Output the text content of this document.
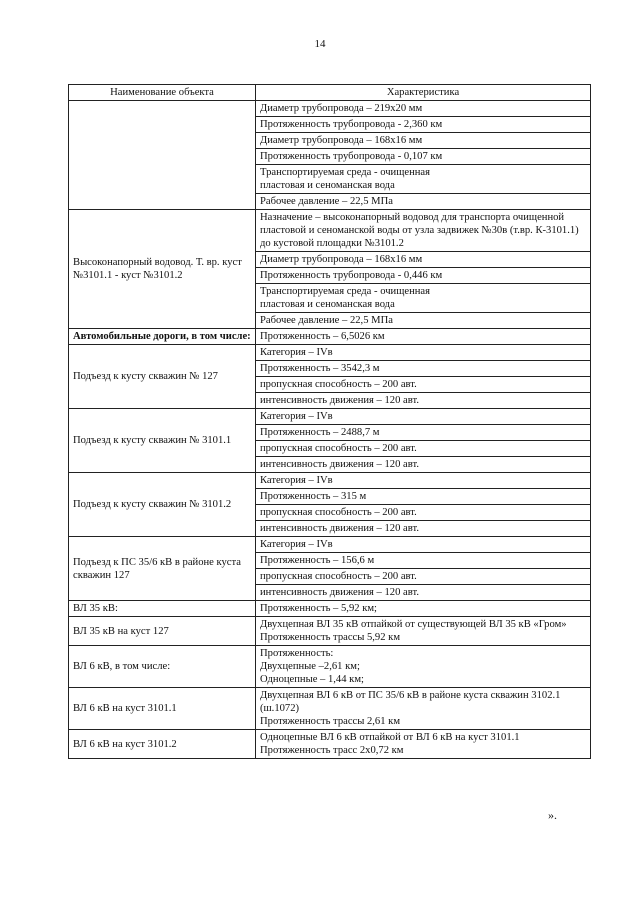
14
Наименование объекта	Характеристика
	Диаметр трубопровода – 219х20 мм
	Протяженность трубопровода - 2,360 км
	Диаметр трубопровода – 168х16 мм
	Протяженность трубопровода - 0,107 км
	Транспортируемая среда - очищенная
пластовая и сеноманская вода
	Рабочее давление – 22,5 МПа
Высоконапорный водовод. Т. вр. куст №3101.1 - куст №3101.2	Назначение – высоконапорный водовод для транспорта очищенной пластовой и сеноманской воды от узла задвижек №30в (т.вр. К-3101.1) до кустовой площадки №3101.2
	Диаметр трубопровода – 168х16 мм
	Протяженность трубопровода - 0,446 км
	Транспортируемая среда - очищенная
пластовая и сеноманская вода
	Рабочее давление – 22,5 МПа
Автомобильные дороги, в том числе:	Протяженность – 6,5026 км
Подъезд к кусту скважин № 127	Категория – IVв
	Протяженность – 3542,3 м
	пропускная способность – 200 авт.
	интенсивность движения – 120 авт.
Подъезд к кусту скважин № 3101.1	Категория – IVв
	Протяженность – 2488,7 м
	пропускная способность – 200 авт.
	интенсивность движения – 120 авт.
Подъезд к кусту скважин № 3101.2	Категория – IVв
	Протяженность – 315 м
	пропускная способность – 200 авт.
	интенсивность движения – 120 авт.
Подъезд к ПС 35/6 кВ в районе куста скважин 127	Категория – IVв
	Протяженность – 156,6 м
	пропускная способность – 200 авт.
	интенсивность движения – 120 авт.
ВЛ 35 кВ:	Протяженность – 5,92 км;
ВЛ 35 кВ на куст 127	Двухцепная ВЛ 35 кВ отпайкой от существующей ВЛ 35 кВ «Гром»
Протяженность трассы 5,92 км
ВЛ 6 кВ, в том числе:	Протяженность:
Двухцепные –2,61 км;
Одноцепные – 1,44 км;
ВЛ 6 кВ на куст 3101.1	Двухцепная ВЛ 6 кВ от ПС 35/6 кВ в районе куста скважин 3102.1 (ш.1072)
Протяженность трассы 2,61 км
ВЛ 6 кВ на куст 3101.2	Одноцепные ВЛ 6 кВ отпайкой от ВЛ 6 кВ на куст 3101.1
Протяженность трасс 2х0,72 км
».
